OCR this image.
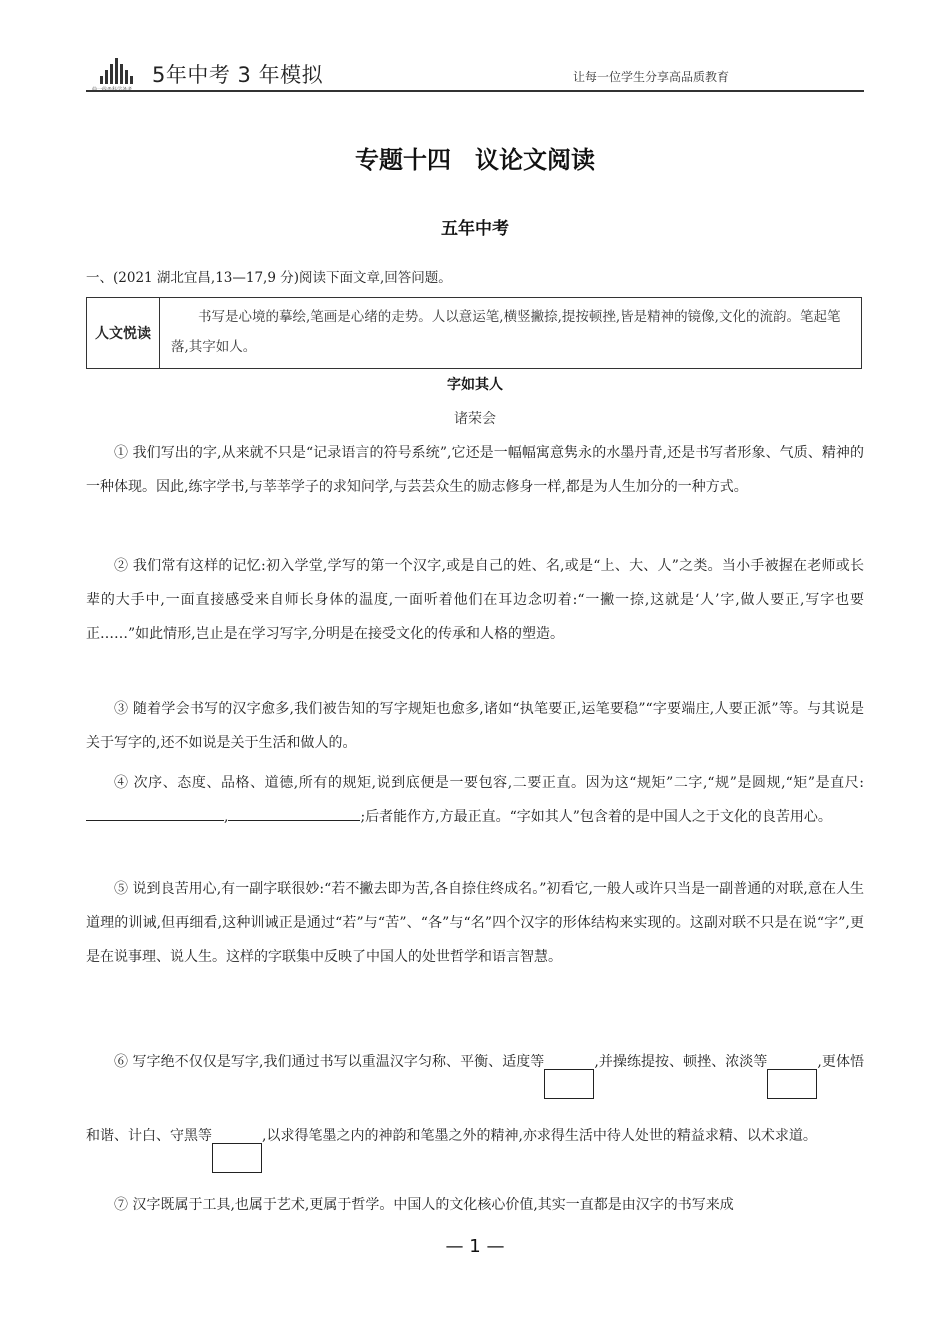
曲一线®科学备考
5年中考 3 年模拟	让每一位学生分享高品质教育
专题十四　议论文阅读
五年中考
一、(2021 湖北宜昌,13—17,9 分)阅读下面文章,回答问题。
人文悦读
书写是心境的摹绘,笔画是心绪的走势。人以意运笔,横竖撇捺,提按顿挫,皆是精神的镜像,文化的流韵。笔起笔落,其字如人。
字如其人
诸荣会
① 我们写出的字,从来就不只是“记录语言的符号系统”,它还是一幅幅寓意隽永的水墨丹青,还是书写者形象、气质、精神的一种体现。因此,练字学书,与莘莘学子的求知问学,与芸芸众生的励志修身一样,都是为人生加分的一种方式。
② 我们常有这样的记忆:初入学堂,学写的第一个汉字,或是自己的姓、名,或是“上、大、人”之类。当小手被握在老师或长辈的大手中,一面直接感受来自师长身体的温度,一面听着他们在耳边念叨着:“一撇一捺,这就是‘人’字,做人要正,写字也要正……”如此情形,岂止是在学习写字,分明是在接受文化的传承和人格的塑造。
③ 随着学会书写的汉字愈多,我们被告知的写字规矩也愈多,诸如“执笔要正,运笔要稳”“字要端庄,人要正派”等。与其说是关于写字的,还不如说是关于生活和做人的。
④ 次序、态度、品格、道德,所有的规矩,说到底便是一要包容,二要正直。因为这“规矩”二字,“规”是圆规,“矩”是直尺:,	;后者能作方,方最正直。“字如其人”包含着的是中国人之于文化的良苦用心。
⑤ 说到良苦用心,有一副字联很妙:“若不撇去即为苦,各自捺住终成名。”初看它,一般人或许只当是一副普通的对联,意在人生道理的训诫,但再细看,这种训诫正是通过“若”与“苦”、“各”与“名”四个汉字的形体结构来实现的。这副对联不只是在说“字”,更是在说事理、说人生。这样的字联集中反映了中国人的处世哲学和语言智慧。
⑥ 写字绝不仅仅是写字,我们通过书写以重温汉字匀称、平衡、适度等	,并操练提按、顿挫、浓淡等	,更体悟和谐、计白、守黑等	,以求得笔墨之内的神韵和笔墨之外的精神,亦求得生活中待人处世的精益求精、以术求道。
⑦ 汉字既属于工具,也属于艺术,更属于哲学。中国人的文化核心价值,其实一直都是由汉字的书写来成
— 1 —
